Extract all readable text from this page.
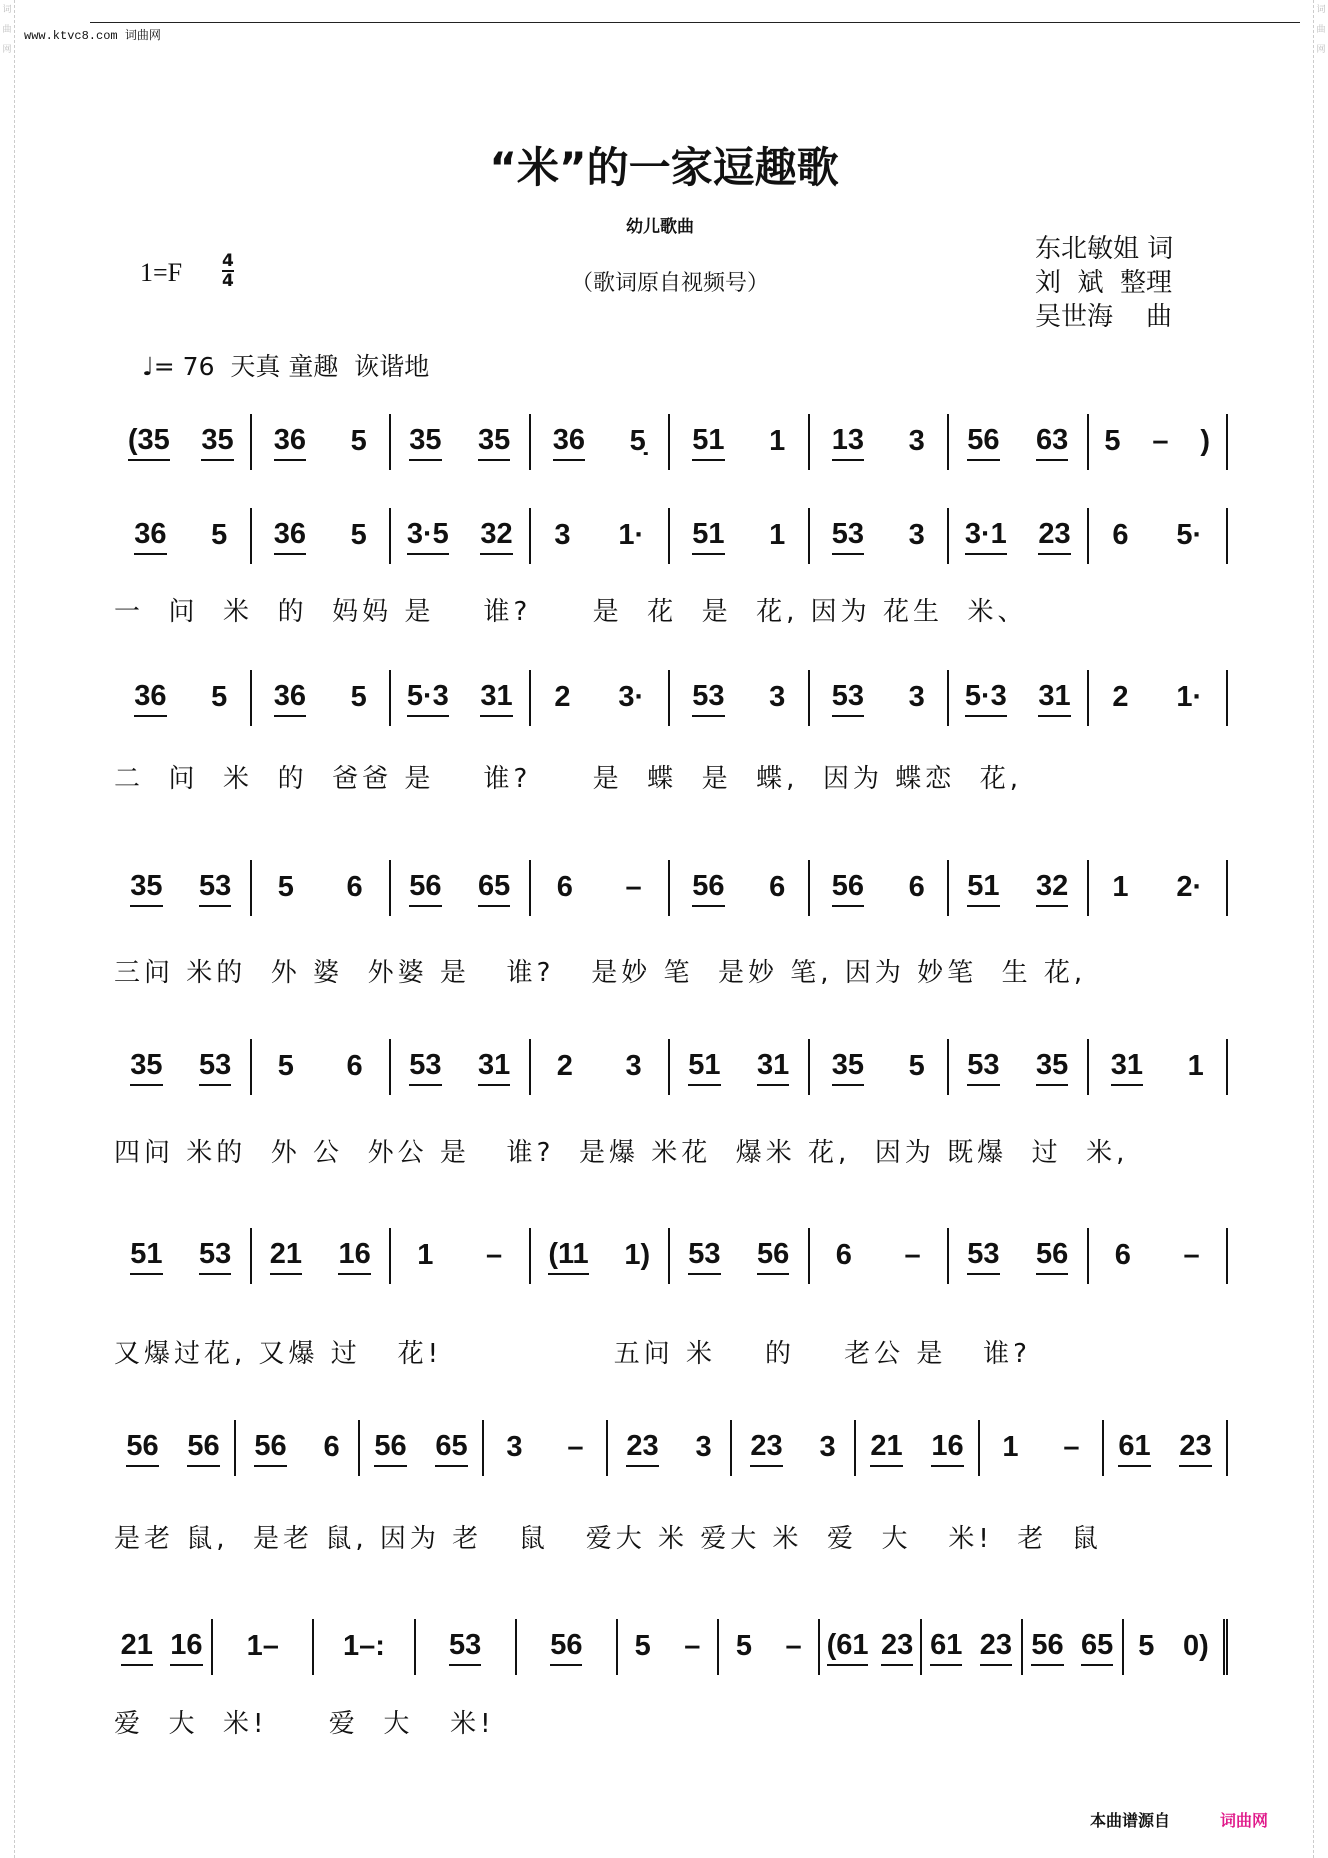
词
曲
网
词
曲
网
www.ktvc8.com 词曲网
“米”的一家逗趣歌
幼儿歌曲
1=F 4
4	（歌词原自视频号）
东北敏姐 词
刘  斌  整理
吴世海    曲
♩= 76  天真 童趣  诙谐地
(35 35 36 5 35 35 36 5̣ 51 1 13 3 56 63 5 – )
36 5 36 5 3·5 32 3 1· 51 1 53 3 3·1 23 6 5·
一  问  米  的  妈妈 是    谁?     是  花  是  花, 因为 花生  米、
36 5 36 5 5·3 31 2 3· 53 3 53 3 5·3 31 2 1·
二  问  米  的  爸爸 是    谁?     是  蝶  是  蝶,  因为 蝶恋  花,
35 53 5 6 56 65 6 – 56 6 56 6 51 32 1 2·
三问 米的  外 婆  外婆 是   谁?   是妙 笔  是妙 笔, 因为 妙笔  生 花,
35 53 5 6 53 31 2 3 51 31 35 5 53 35 31 1
四问 米的  外 公  外公 是   谁?  是爆 米花  爆米 花,  因为 既爆  过  米,
51 53 21 16 1 – (11 1) 53 56 6 – 53 56 6 –
又爆过花, 又爆 过   花!              五问 米    的    老公 是   谁?
56 56 56 6 56 65 3 – 23 3 23 3 21 16 1 – 61 23
是老 鼠,  是老 鼠, 因为 老   鼠   爱大 米 爱大 米  爱  大   米!  老  鼠
21 16 1– 1–: 53 56 5 – 5 – (61 23 61 23 56 65 5 0)
爱  大  米!     爱  大   米!
本曲谱源自	词曲网
